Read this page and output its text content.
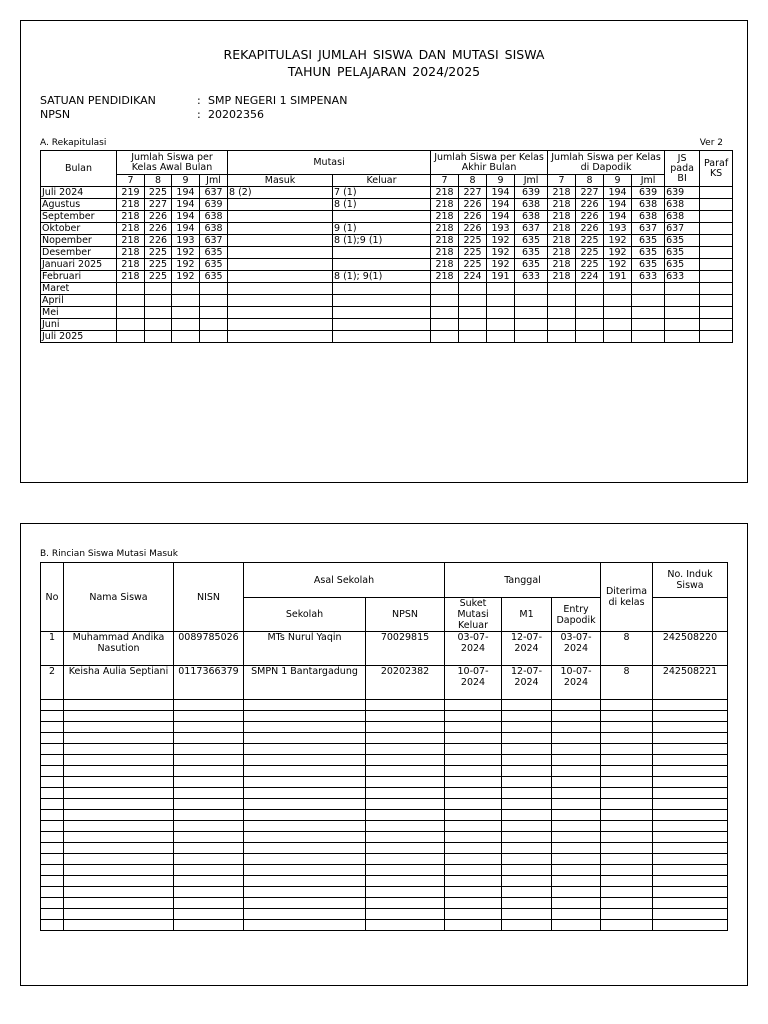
REKAPITULASI JUMLAH SISWA DAN MUTASI SISWA
TAHUN PELAJARAN 2024/2025
SATUAN PENDIDIKAN	: SMP NEGERI 1 SIMPENAN
NPSN	: 20202356
A. Rekapitulasi	Ver 2
Bulan	Jumlah Siswa per Kelas Awal Bulan				Mutasi		Jumlah Siswa per Kelas Akhir Bulan				Jumlah Siswa per Kelas di Dapodik				JS pada BI	Paraf KS
	7	8	9	Jml	Masuk	Keluar	7	8	9	Jml	7	8	9	Jml		
Juli 2024	219	225	194	637	8 (2)	7 (1)	218	227	194	639	218	227	194	639	639	
Agustus	218	227	194	639		8 (1)	218	226	194	638	218	226	194	638	638	
September	218	226	194	638			218	226	194	638	218	226	194	638	638	
Oktober	218	226	194	638		9 (1)	218	226	193	637	218	226	193	637	637	
Nopember	218	226	193	637		8 (1);9 (1)	218	225	192	635	218	225	192	635	635	
Desember	218	225	192	635			218	225	192	635	218	225	192	635	635	
Januari 2025	218	225	192	635			218	225	192	635	218	225	192	635	635	
Februari	218	225	192	635		8 (1); 9(1)	218	224	191	633	218	224	191	633	633	
Maret																
April																
Mei																
Juni																
Juli 2025																
B. Rincian Siswa Mutasi Masuk
No	Nama Siswa	NISN	Asal Sekolah		Tanggal			Diterima di kelas	No. Induk Siswa
			Sekolah	NPSN	Suket Mutasi Keluar	M1	Entry Dapodik		
1	Muhammad Andika Nasution	0089785026	MTs Nurul Yaqin	70029815	03-07-2024	12-07-2024	03-07-2024	8	242508220
2	Keisha Aulia Septiani	0117366379	SMPN 1 Bantargadung	20202382	10-07-2024	12-07-2024	10-07-2024	8	242508221
